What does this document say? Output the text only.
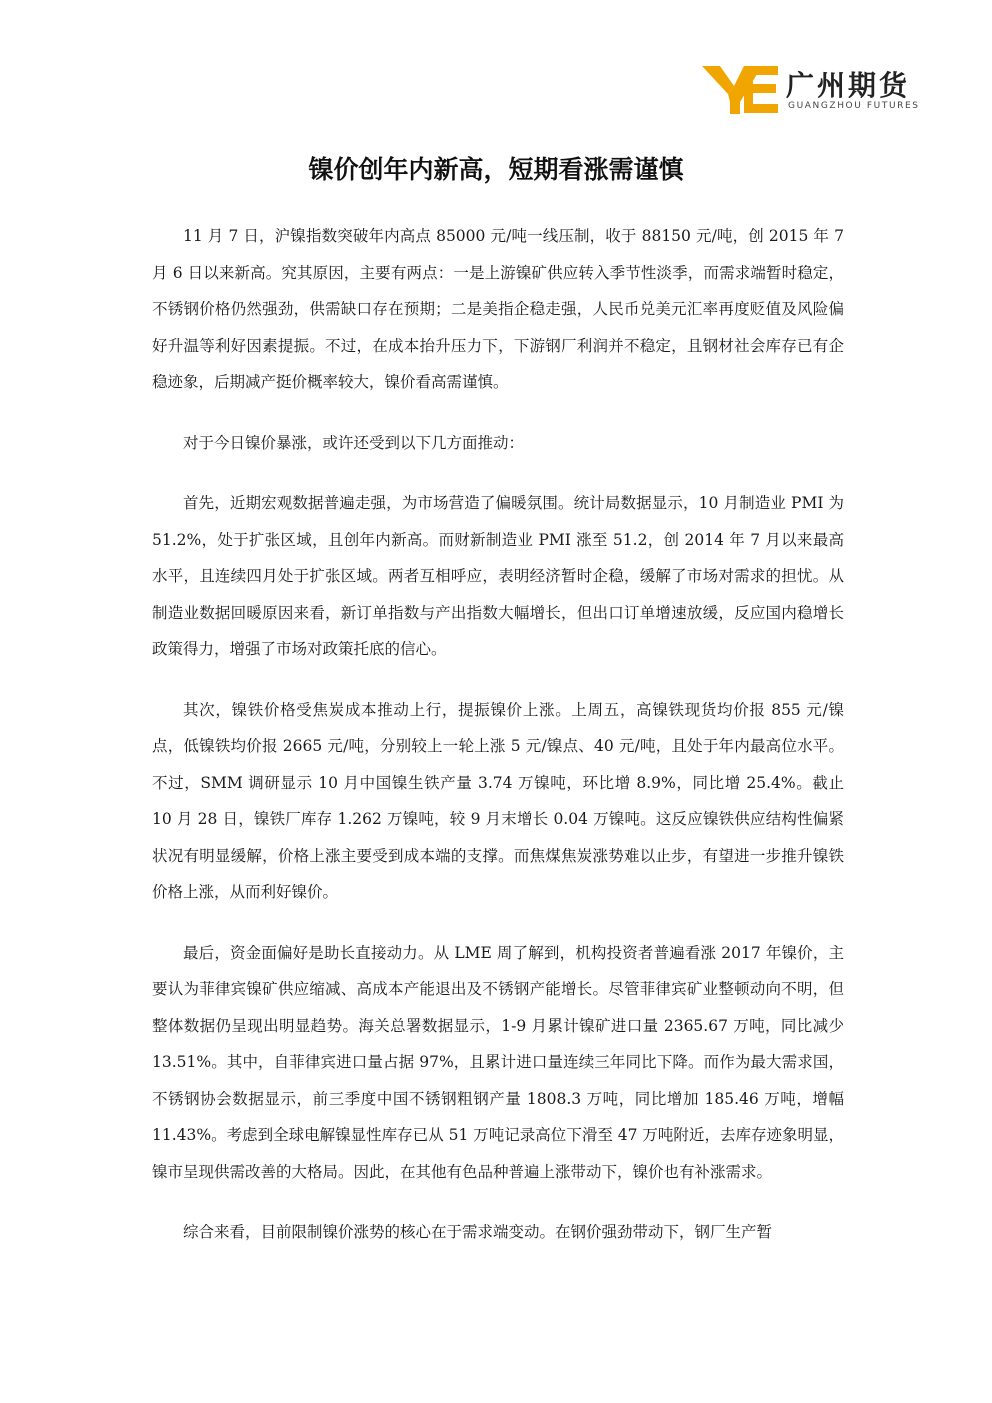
广州期货
GUANGZHOU FUTURES
镍价创年内新高，短期看涨需谨慎

11 月 7 日，沪镍指数突破年内高点 85000 元/吨一线压制，收于 88150 元/吨，创 2015 年 7 月 6 日以来新高。究其原因，主要有两点：一是上游镍矿供应转入季节性淡季，而需求端暂时稳定，不锈钢价格仍然强劲，供需缺口存在预期；二是美指企稳走强，人民币兑美元汇率再度贬值及风险偏好升温等利好因素提振。不过，在成本抬升压力下，下游钢厂利润并不稳定，且钢材社会库存已有企稳迹象，后期减产挺价概率较大，镍价看高需谨慎。

对于今日镍价暴涨，或许还受到以下几方面推动：

首先，近期宏观数据普遍走强，为市场营造了偏暖氛围。统计局数据显示，10 月制造业 PMI 为 51.2%，处于扩张区域，且创年内新高。而财新制造业 PMI 涨至 51.2，创 2014 年 7 月以来最高水平，且连续四月处于扩张区域。两者互相呼应，表明经济暂时企稳，缓解了市场对需求的担忧。从制造业数据回暖原因来看，新订单指数与产出指数大幅增长，但出口订单增速放缓，反应国内稳增长政策得力，增强了市场对政策托底的信心。

其次，镍铁价格受焦炭成本推动上行，提振镍价上涨。上周五，高镍铁现货均价报 855 元/镍点，低镍铁均价报 2665 元/吨，分别较上一轮上涨 5 元/镍点、40 元/吨，且处于年内最高位水平。不过，SMM 调研显示 10 月中国镍生铁产量 3.74 万镍吨，环比增 8.9%，同比增 25.4%。截止 10 月 28 日，镍铁厂库存 1.262 万镍吨，较 9 月末增长 0.04 万镍吨。这反应镍铁供应结构性偏紧状况有明显缓解，价格上涨主要受到成本端的支撑。而焦煤焦炭涨势难以止步，有望进一步推升镍铁价格上涨，从而利好镍价。

最后，资金面偏好是助长直接动力。从 LME 周了解到，机构投资者普遍看涨 2017 年镍价，主要认为菲律宾镍矿供应缩减、高成本产能退出及不锈钢产能增长。尽管菲律宾矿业整顿动向不明，但整体数据仍呈现出明显趋势。海关总署数据显示，1-9 月累计镍矿进口量 2365.67 万吨，同比减少 13.51%。其中，自菲律宾进口量占据 97%，且累计进口量连续三年同比下降。而作为最大需求国，不锈钢协会数据显示，前三季度中国不锈钢粗钢产量 1808.3 万吨，同比增加 185.46 万吨，增幅 11.43%。考虑到全球电解镍显性库存已从 51 万吨记录高位下滑至 47 万吨附近，去库存迹象明显，镍市呈现供需改善的大格局。因此，在其他有色品种普遍上涨带动下，镍价也有补涨需求。

综合来看，目前限制镍价涨势的核心在于需求端变动。在钢价强劲带动下，钢厂生产暂
